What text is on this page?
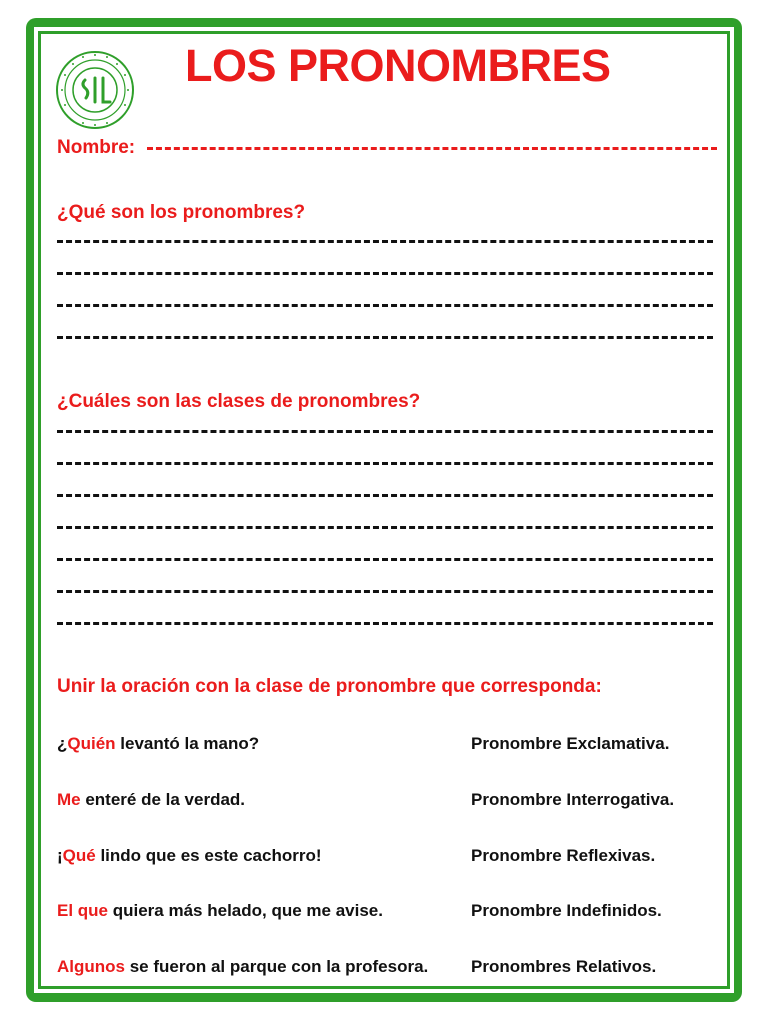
LOS PRONOMBRES
Nombre:

¿Qué son los pronombres?

¿Cuáles son las clases de pronombres?

Unir la oración con la clase de pronombre que corresponda:

¿Quién levantó la mano?	Pronombre Exclamativa.
Me enteré de la verdad.	Pronombre Interrogativa.
¡Qué lindo que es este cachorro!	Pronombre Reflexivas.
El que quiera más helado, que me avise.	Pronombre Indefinidos.
Algunos se fueron al parque con la profesora.	Pronombres Relativos.
